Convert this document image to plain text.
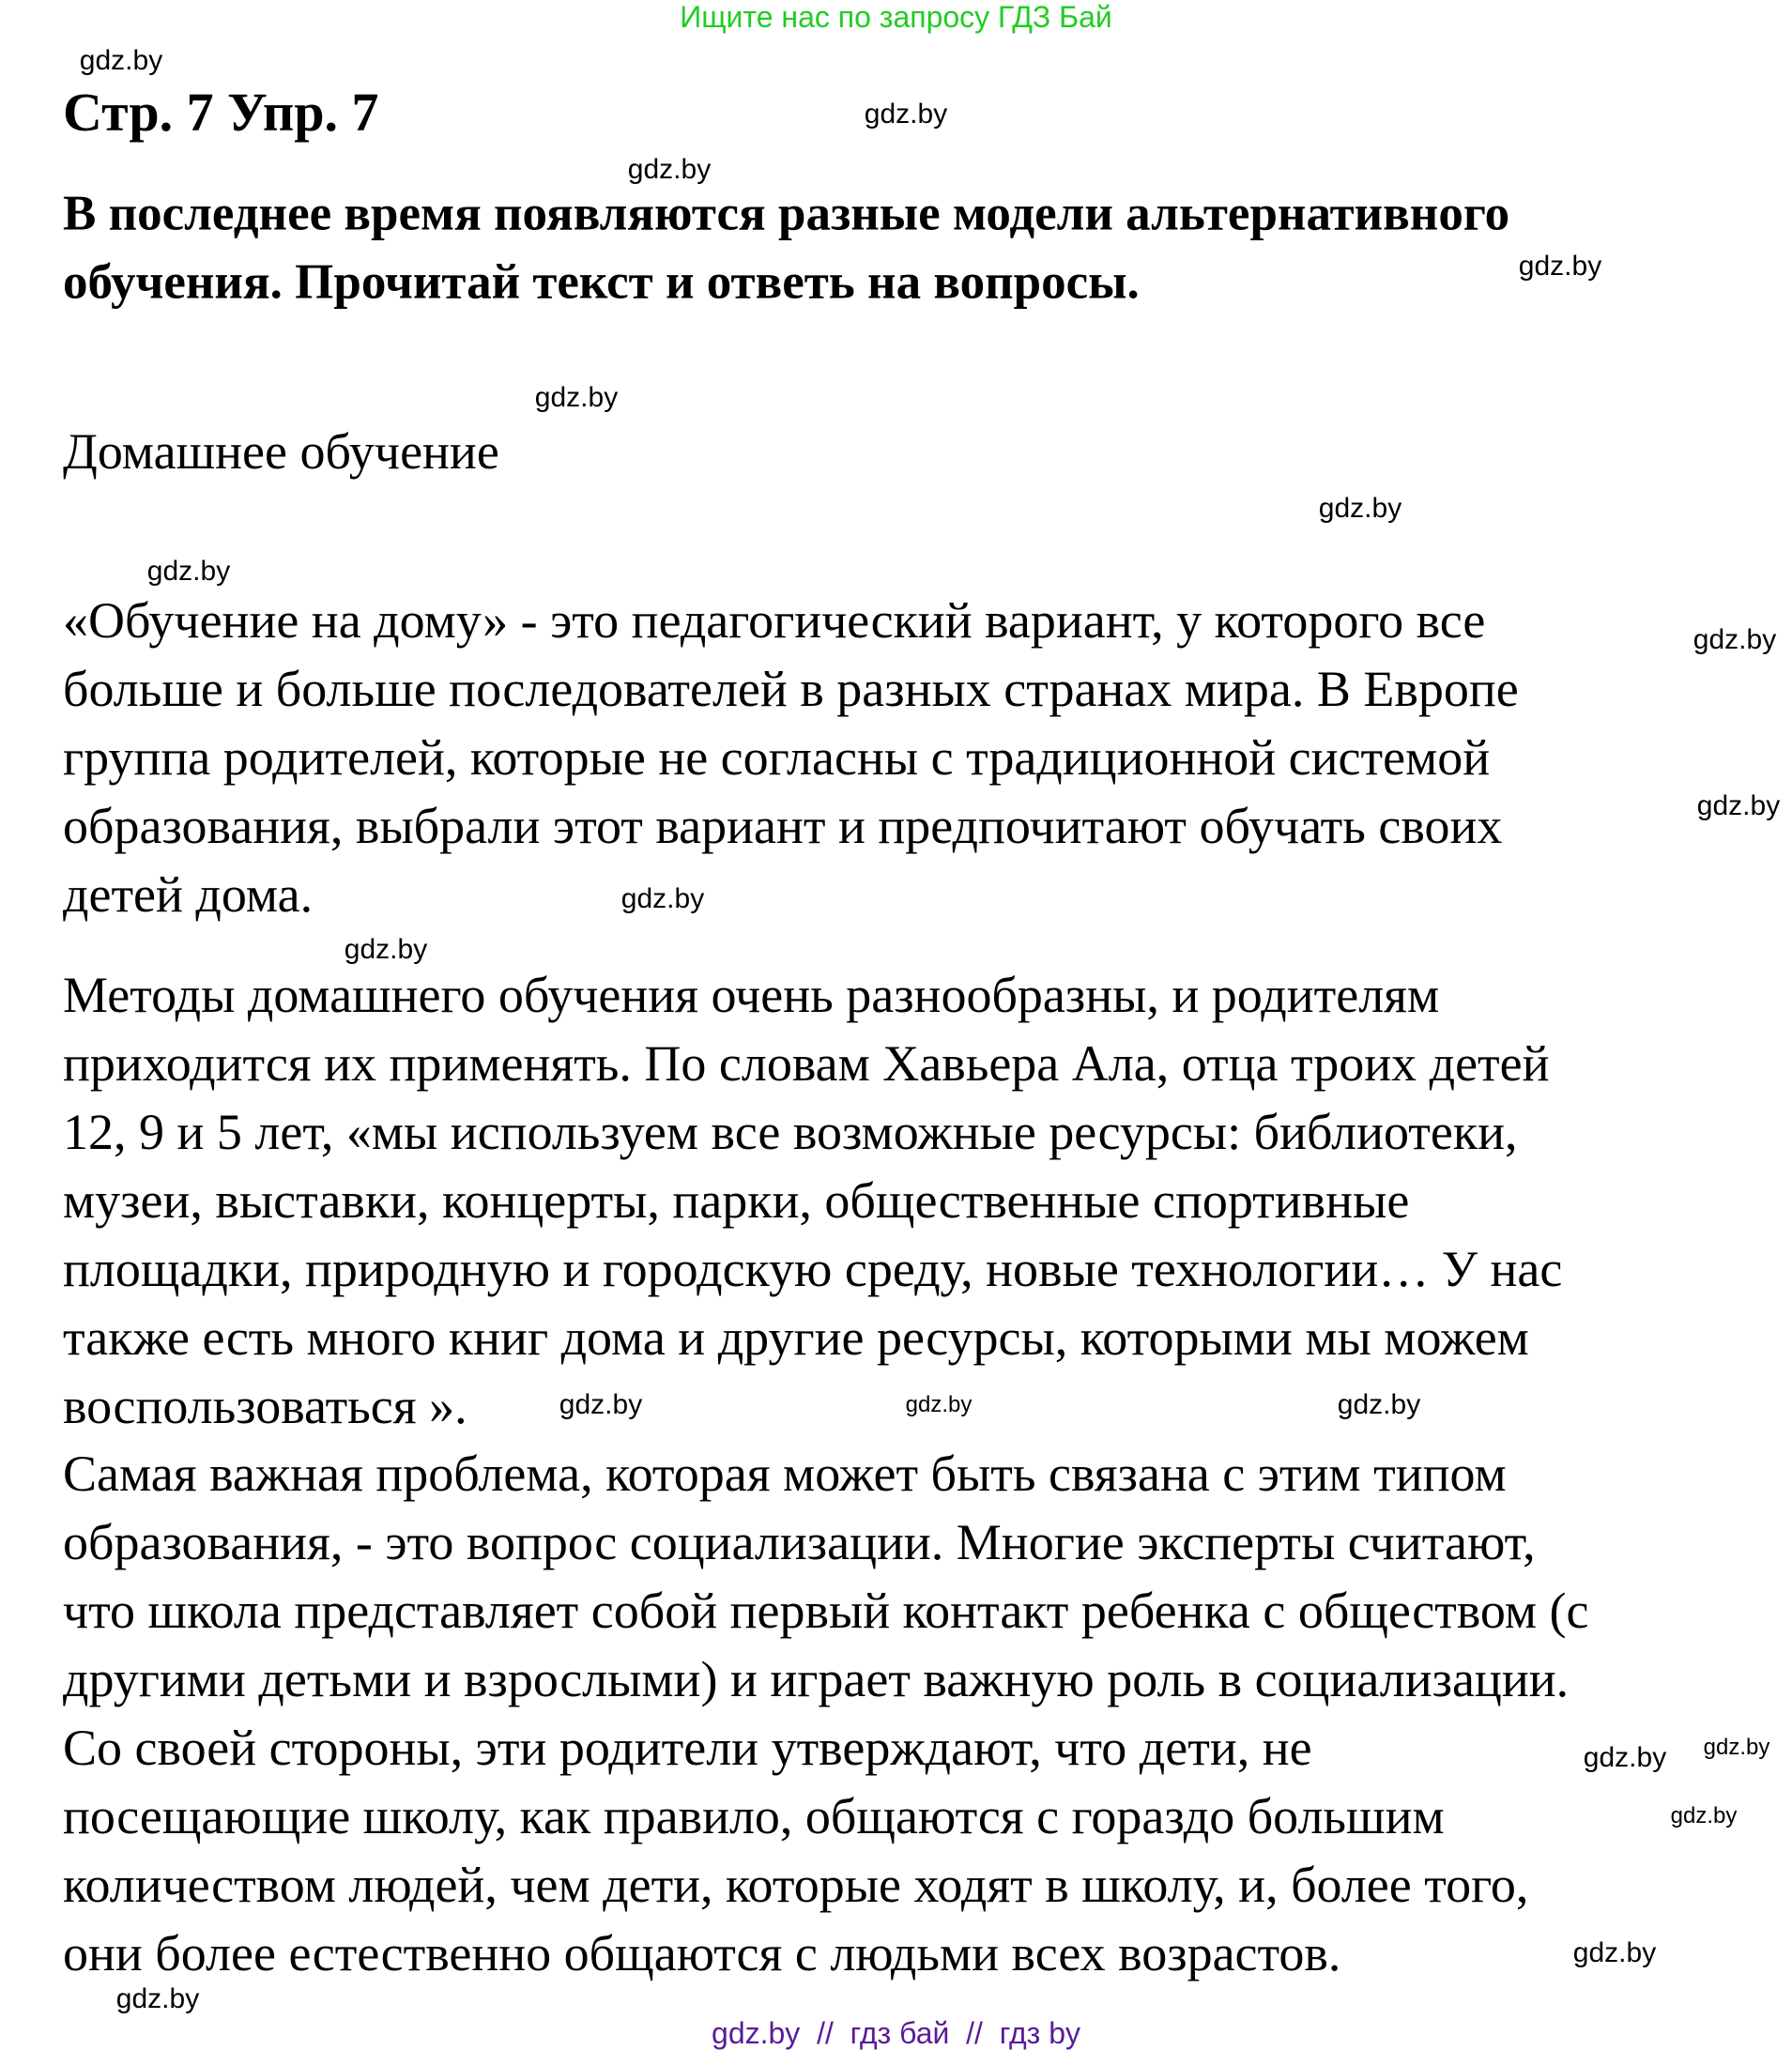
Ищите нас по запросу ГДЗ Бай
Стр. 7 Упр. 7
В последнее время появляются разные модели альтернативного
обучения. Прочитай текст и ответь на вопросы.
Домашнее обучение
«Обучение на дому» - это педагогический вариант, у которого все
больше и больше последователей в разных странах мира. В Европе
группа родителей, которые не согласны с традиционной системой
образования, выбрали этот вариант и предпочитают обучать своих
детей дома.
Методы домашнего обучения очень разнообразны, и родителям
приходится их применять. По словам Хавьера Ала, отца троих детей
12, 9 и 5 лет, «мы используем все возможные ресурсы: библиотеки,
музеи, выставки, концерты, парки, общественные спортивные
площадки, природную и городскую среду, новые технологии… У нас
также есть много книг дома и другие ресурсы, которыми мы можем
воспользоваться ».
Самая важная проблема, которая может быть связана с этим типом
образования, - это вопрос социализации. Многие эксперты считают,
что школа представляет собой первый контакт ребенка с обществом (с
другими детьми и взрослыми) и играет важную роль в социализации.
Со своей стороны, эти родители утверждают, что дети, не
посещающие школу, как правило, общаются с гораздо большим
количеством людей, чем дети, которые ходят в школу, и, более того,
они более естественно общаются с людьми всех возрастов.
gdz.by
gdz.by
gdz.by
gdz.by
gdz.by
gdz.by
gdz.by
gdz.by
gdz.by
gdz.by
gdz.by
gdz.by
gdz.by	gdz.by
gdz.by
gdz.by
gdz.by
gdz.by
gdz.by
gdz.by  //  гдз бай  //  гдз by
